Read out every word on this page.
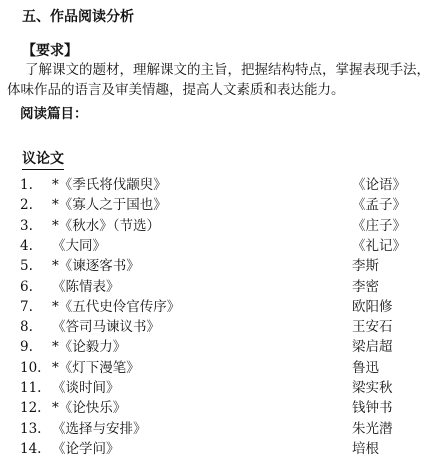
五、作品阅读分析
【要求】
了解课文的题材，理解课文的主旨，把握结构特点，掌握表现手法，
体味作品的语言及审美情趣，提高人文素质和表达能力。
阅读篇目：
议论文
1. *《季氏将伐颛臾》	《论语》
2. *《寡人之于国也》	《孟子》
3. *《秋水》（节选）	《庄子》
4. 《大同》	《礼记》
5. *《谏逐客书》	李斯
6. 《陈情表》	李密
7. *《五代史伶官传序》	欧阳修
8. 《答司马谏议书》	王安石
9. *《论毅力》	梁启超
10. *《灯下漫笔》	鲁迅
11. 《谈时间》	梁实秋
12. *《论快乐》	钱钟书
13. 《选择与安排》	朱光潜
14. 《论学问》	培根
